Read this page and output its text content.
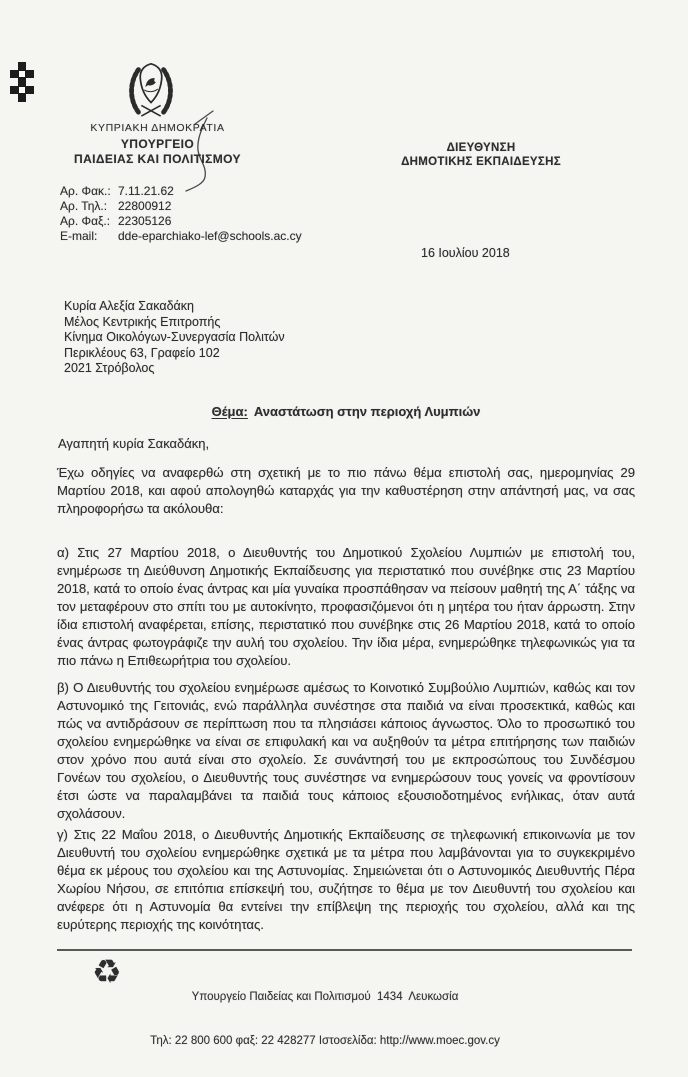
ΚΥΠΡΙΑΚΗ ΔΗΜΟΚΡΑΤΙΑ
ΥΠΟΥΡΓΕΙΟ
ΠΑΙΔΕΙΑΣ ΚΑΙ ΠΟΛΙΤΙΣΜΟΥ
ΔΙΕΥΘΥΝΣΗ
ΔΗΜΟΤΙΚΗΣ ΕΚΠΑΙΔΕΥΣΗΣ
Αρ. Φακ.: 7.11.21.62
Αρ. Τηλ.: 22800912
Αρ. Φαξ.: 22305126
E-mail: dde-eparchiako-lef@schools.ac.cy
16 Ιουλίου 2018
Κυρία Αλεξία Σακαδάκη
Μέλος Κεντρικής Επιτροπής
Κίνημα Οικολόγων-Συνεργασία Πολιτών
Περικλέους 63, Γραφείο 102
2021 Στρόβολος
Θέμα: Αναστάτωση στην περιοχή Λυμπιών
Αγαπητή κυρία Σακαδάκη,

Έχω οδηγίες να αναφερθώ στη σχετική με το πιο πάνω θέμα επιστολή σας, ημερομηνίας 29 Μαρτίου 2018, και αφού απολογηθώ καταρχάς για την καθυστέρηση στην απάντησή μας, να σας πληροφορήσω τα ακόλουθα:

α) Στις 27 Μαρτίου 2018, ο Διευθυντής του Δημοτικού Σχολείου Λυμπιών με επιστολή του, ενημέρωσε τη Διεύθυνση Δημοτικής Εκπαίδευσης για περιστατικό που συνέβηκε στις 23 Μαρτίου 2018, κατά το οποίο ένας άντρας και μία γυναίκα προσπάθησαν να πείσουν μαθητή της Α΄ τάξης να τον μεταφέρουν στο σπίτι του με αυτοκίνητο, προφασιζόμενοι ότι η μητέρα του ήταν άρρωστη. Στην ίδια επιστολή αναφέρεται, επίσης, περιστατικό που συνέβηκε στις 26 Μαρτίου 2018, κατά το οποίο ένας άντρας φωτογράφιζε την αυλή του σχολείου. Την ίδια μέρα, ενημερώθηκε τηλεφωνικώς για τα πιο πάνω η Επιθεωρήτρια του σχολείου.

β) Ο Διευθυντής του σχολείου ενημέρωσε αμέσως το Κοινοτικό Συμβούλιο Λυμπιών, καθώς και τον Αστυνομικό της Γειτονιάς, ενώ παράλληλα συνέστησε στα παιδιά να είναι προσεκτικά, καθώς και πώς να αντιδράσουν σε περίπτωση που τα πλησιάσει κάποιος άγνωστος. Όλο το προσωπικό του σχολείου ενημερώθηκε να είναι σε επιφυλακή και να αυξηθούν τα μέτρα επιτήρησης των παιδιών στον χρόνο που αυτά είναι στο σχολείο. Σε συνάντησή του με εκπροσώπους του Συνδέσμου Γονέων του σχολείου, ο Διευθυντής τους συνέστησε να ενημερώσουν τους γονείς να φροντίσουν έτσι ώστε να παραλαμβάνει τα παιδιά τους κάποιος εξουσιοδοτημένος ενήλικας, όταν αυτά σχολάσουν.

γ) Στις 22 Μαΐου 2018, ο Διευθυντής Δημοτικής Εκπαίδευσης σε τηλεφωνική επικοινωνία με τον Διευθυντή του σχολείου ενημερώθηκε σχετικά με τα μέτρα που λαμβάνονται για το συγκεκριμένο θέμα εκ μέρους του σχολείου και της Αστυνομίας. Σημειώνεται ότι ο Αστυνομικός Διευθυντής Πέρα Χωρίου Νήσου, σε επιτόπια επίσκεψή του, συζήτησε το θέμα με τον Διευθυντή του σχολείου και ανέφερε ότι η Αστυνομία θα εντείνει την επίβλεψη της περιοχής του σχολείου, αλλά και της ευρύτερης περιοχής της κοινότητας.

♻

Υπουργείο Παιδείας και Πολιτισμού  1434  Λευκωσία

Τηλ: 22 800 600 φαξ: 22 428277 Ιστοσελίδα: http://www.moec.gov.cy
